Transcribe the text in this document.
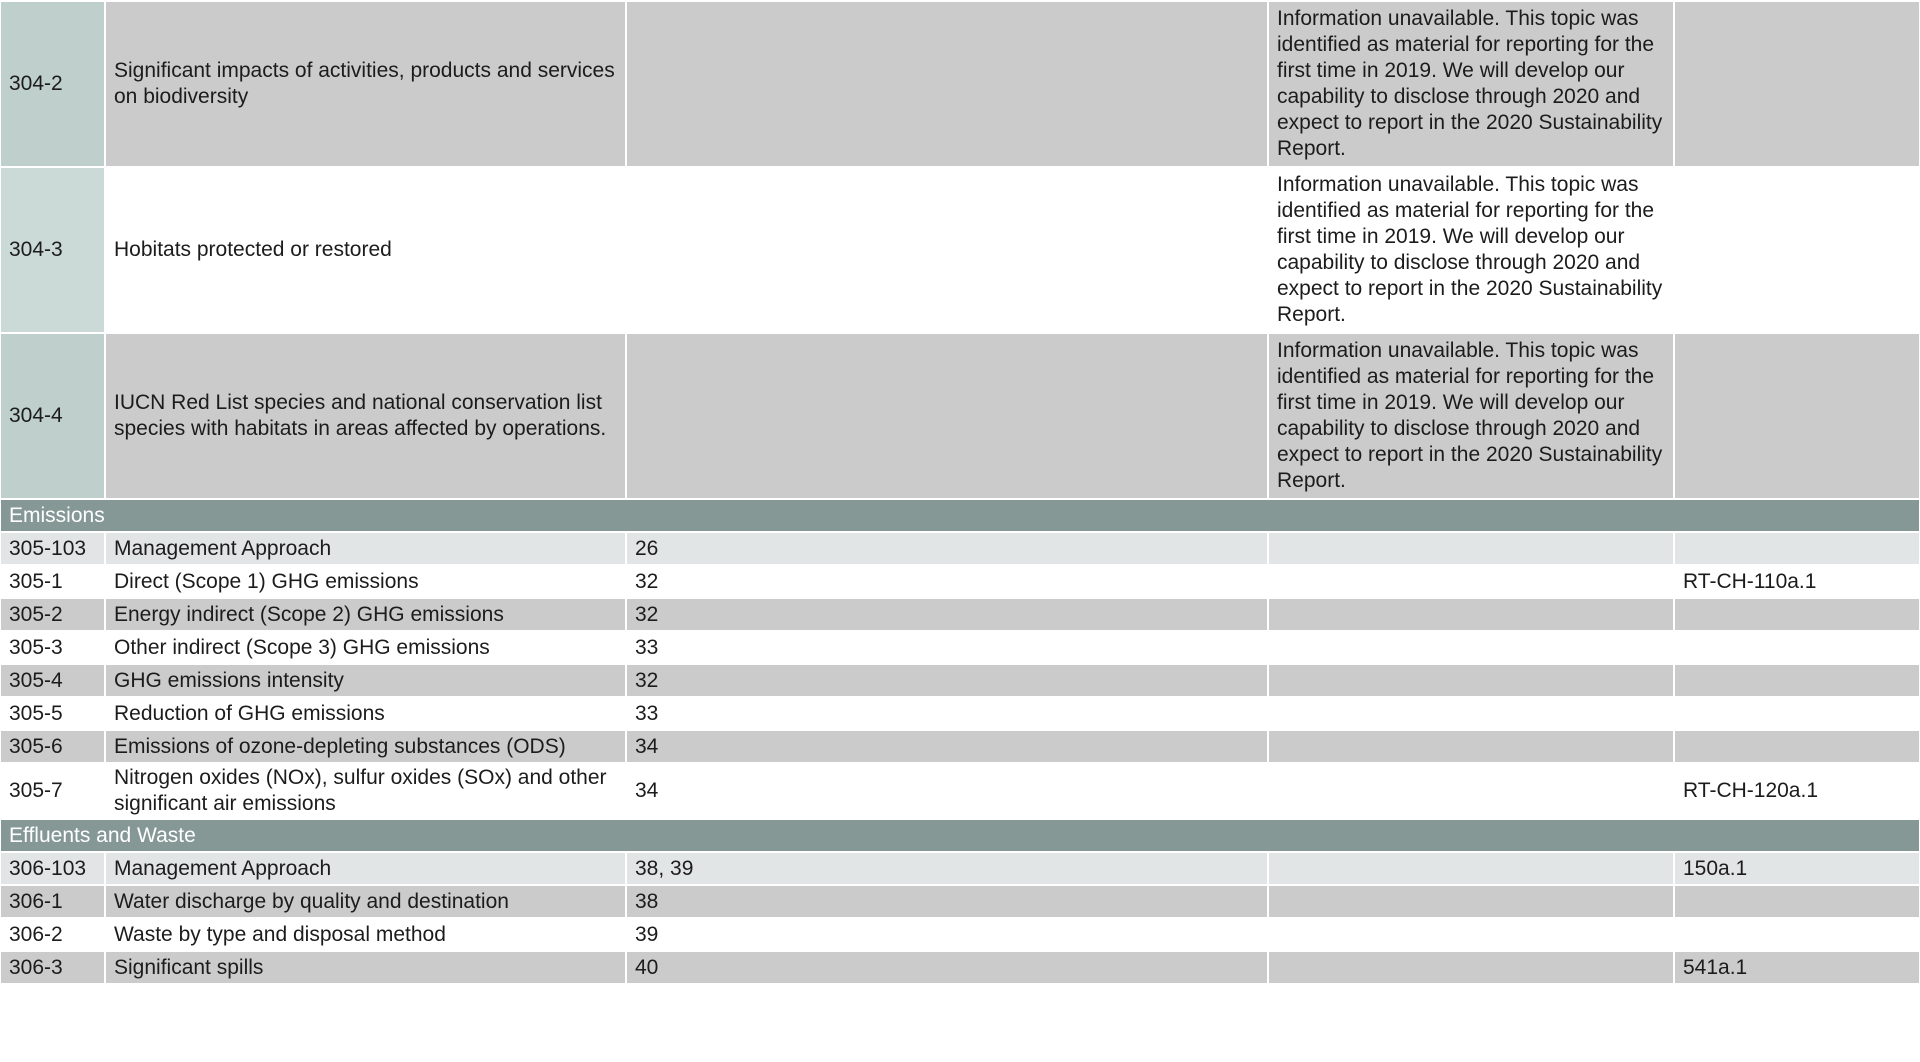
304-2	Significant impacts of activities, products and services on biodiversity		Information unavailable. This topic was identified as material for reporting for the first time in 2019. We will develop our capability to disclose through 2020 and expect to report in the 2020 Sustainability Report.	
304-3	Hobitats protected or restored		Information unavailable. This topic was identified as material for reporting for the first time in 2019. We will develop our capability to disclose through 2020 and expect to report in the 2020 Sustainability Report.	
304-4	IUCN Red List species and national conservation list species with habitats in areas affected by operations.		Information unavailable. This topic was identified as material for reporting for the first time in 2019. We will develop our capability to disclose through 2020 and expect to report in the 2020 Sustainability Report.	
Emissions				
305-103	Management Approach	26		
305-1	Direct (Scope 1) GHG emissions	32		RT-CH-110a.1
305-2	Energy indirect (Scope 2) GHG emissions	32		
305-3	Other indirect (Scope 3) GHG emissions	33		
305-4	GHG emissions intensity	32		
305-5	Reduction of GHG emissions	33		
305-6	Emissions of ozone-depleting substances (ODS)	34		
305-7	Nitrogen oxides (NOx), sulfur oxides (SOx) and other significant air emissions	34		RT-CH-120a.1
Effluents and Waste				
306-103	Management Approach	38, 39		150a.1
306-1	Water discharge by quality and destination	38		
306-2	Waste by type and disposal method	39		
306-3	Significant spills	40		541a.1
